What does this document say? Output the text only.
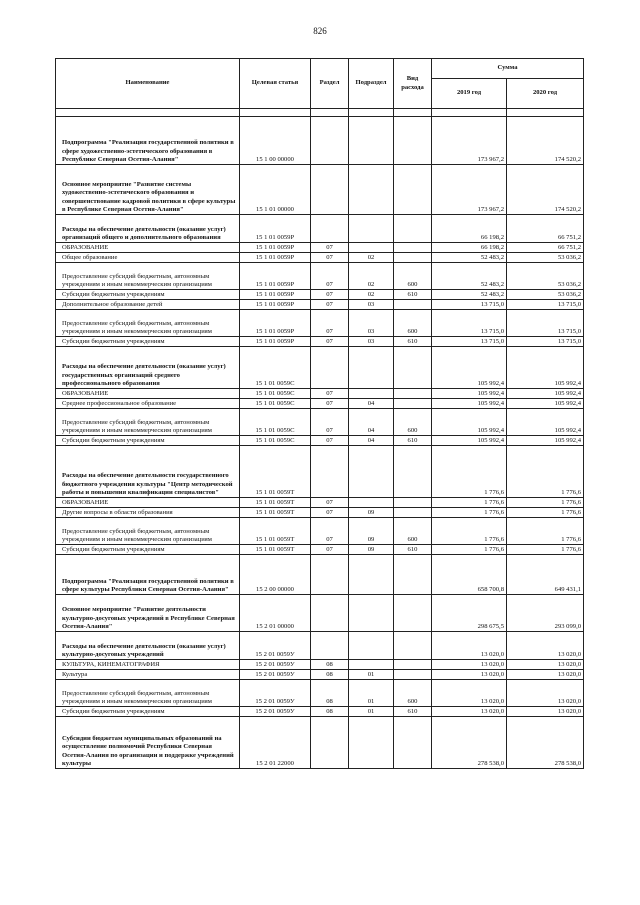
826
Наименование	Целевая статья	Раздел	Подраздел	Вид расхода	Сумма	
					2019 год	2020 год

Подпрограмма "Реализация государственной политики в сфере художественно-эстетического образования в Республике Северная Осетия-Алания"	15 1 00 00000				173 967,2	174 520,2
Основное мероприятие "Развитие системы художественно-эстетического образования и совершенствование кадровой политики в сфере культуры в Республике Северная Осетия-Алания"	15 1 01 00000				173 967,2	174 520,2
Расходы на обеспечение деятельности (оказание услуг) организаций общего и дополнительного образования	15 1 01 0059Р				66 198,2	66 751,2
ОБРАЗОВАНИЕ	15 1 01 0059Р	07			66 198,2	66 751,2
Общее образование	15 1 01 0059Р	07	02		52 483,2	53 036,2
Предоставление субсидий бюджетным, автономным учреждениям и иным некоммерческим организациям	15 1 01 0059Р	07	02	600	52 483,2	53 036,2
Субсидии бюджетным учреждениям	15 1 01 0059Р	07	02	610	52 483,2	53 036,2
Дополнительное образование детей	15 1 01 0059Р	07	03		13 715,0	13 715,0
Предоставление субсидий бюджетным, автономным учреждениям и иным некоммерческим организациям	15 1 01 0059Р	07	03	600	13 715,0	13 715,0
Субсидии бюджетным учреждениям	15 1 01 0059Р	07	03	610	13 715,0	13 715,0
Расходы на обеспечение деятельности (оказание услуг) государственных организаций среднего профессионального образования	15 1 01 0059С				105 992,4	105 992,4
ОБРАЗОВАНИЕ	15 1 01 0059С	07			105 992,4	105 992,4
Среднее профессиональное образование	15 1 01 0059С	07	04		105 992,4	105 992,4
Предоставление субсидий бюджетным, автономным учреждениям и иным некоммерческим организациям	15 1 01 0059С	07	04	600	105 992,4	105 992,4
Субсидии бюджетным учреждениям	15 1 01 0059С	07	04	610	105 992,4	105 992,4
Расходы на обеспечение деятельности государственного бюджетного учреждения культуры "Центр методической работы и повышения квалификации специалистов"	15 1 01 0059Т				1 776,6	1 776,6
ОБРАЗОВАНИЕ	15 1 01 0059Т	07			1 776,6	1 776,6
Другие вопросы в области образования	15 1 01 0059Т	07	09		1 776,6	1 776,6
Предоставление субсидий бюджетным, автономным учреждениям и иным некоммерческим организациям	15 1 01 0059Т	07	09	600	1 776,6	1 776,6
Субсидии бюджетным учреждениям	15 1 01 0059Т	07	09	610	1 776,6	1 776,6
Подпрограмма "Реализация государственной политики в сфере культуры Республики Северная Осетия-Алания"	15 2 00 00000				658 700,8	649 431,1
Основное мероприятие "Развитие деятельности культурно-досуговых учреждений в Республике Северная Осетия-Алания"	15 2 01 00000				298 675,5	293 099,0
Расходы на обеспечение деятельности (оказание услуг) культурно-досуговых учреждений	15 2 01 0059У				13 020,0	13 020,0
КУЛЬТУРА, КИНЕМАТОГРАФИЯ	15 2 01 0059У	08			13 020,0	13 020,0
Культура	15 2 01 0059У	08	01		13 020,0	13 020,0
Предоставление субсидий бюджетным, автономным учреждениям и иным некоммерческим организациям	15 2 01 0059У	08	01	600	13 020,0	13 020,0
Субсидии бюджетным учреждениям	15 2 01 0059У	08	01	610	13 020,0	13 020,0
Субсидии бюджетам муниципальных образований на осуществление полномочий Республики Северная Осетия-Алания по организации и поддержке учреждений культуры	15 2 01 22000				278 538,0	278 538,0
